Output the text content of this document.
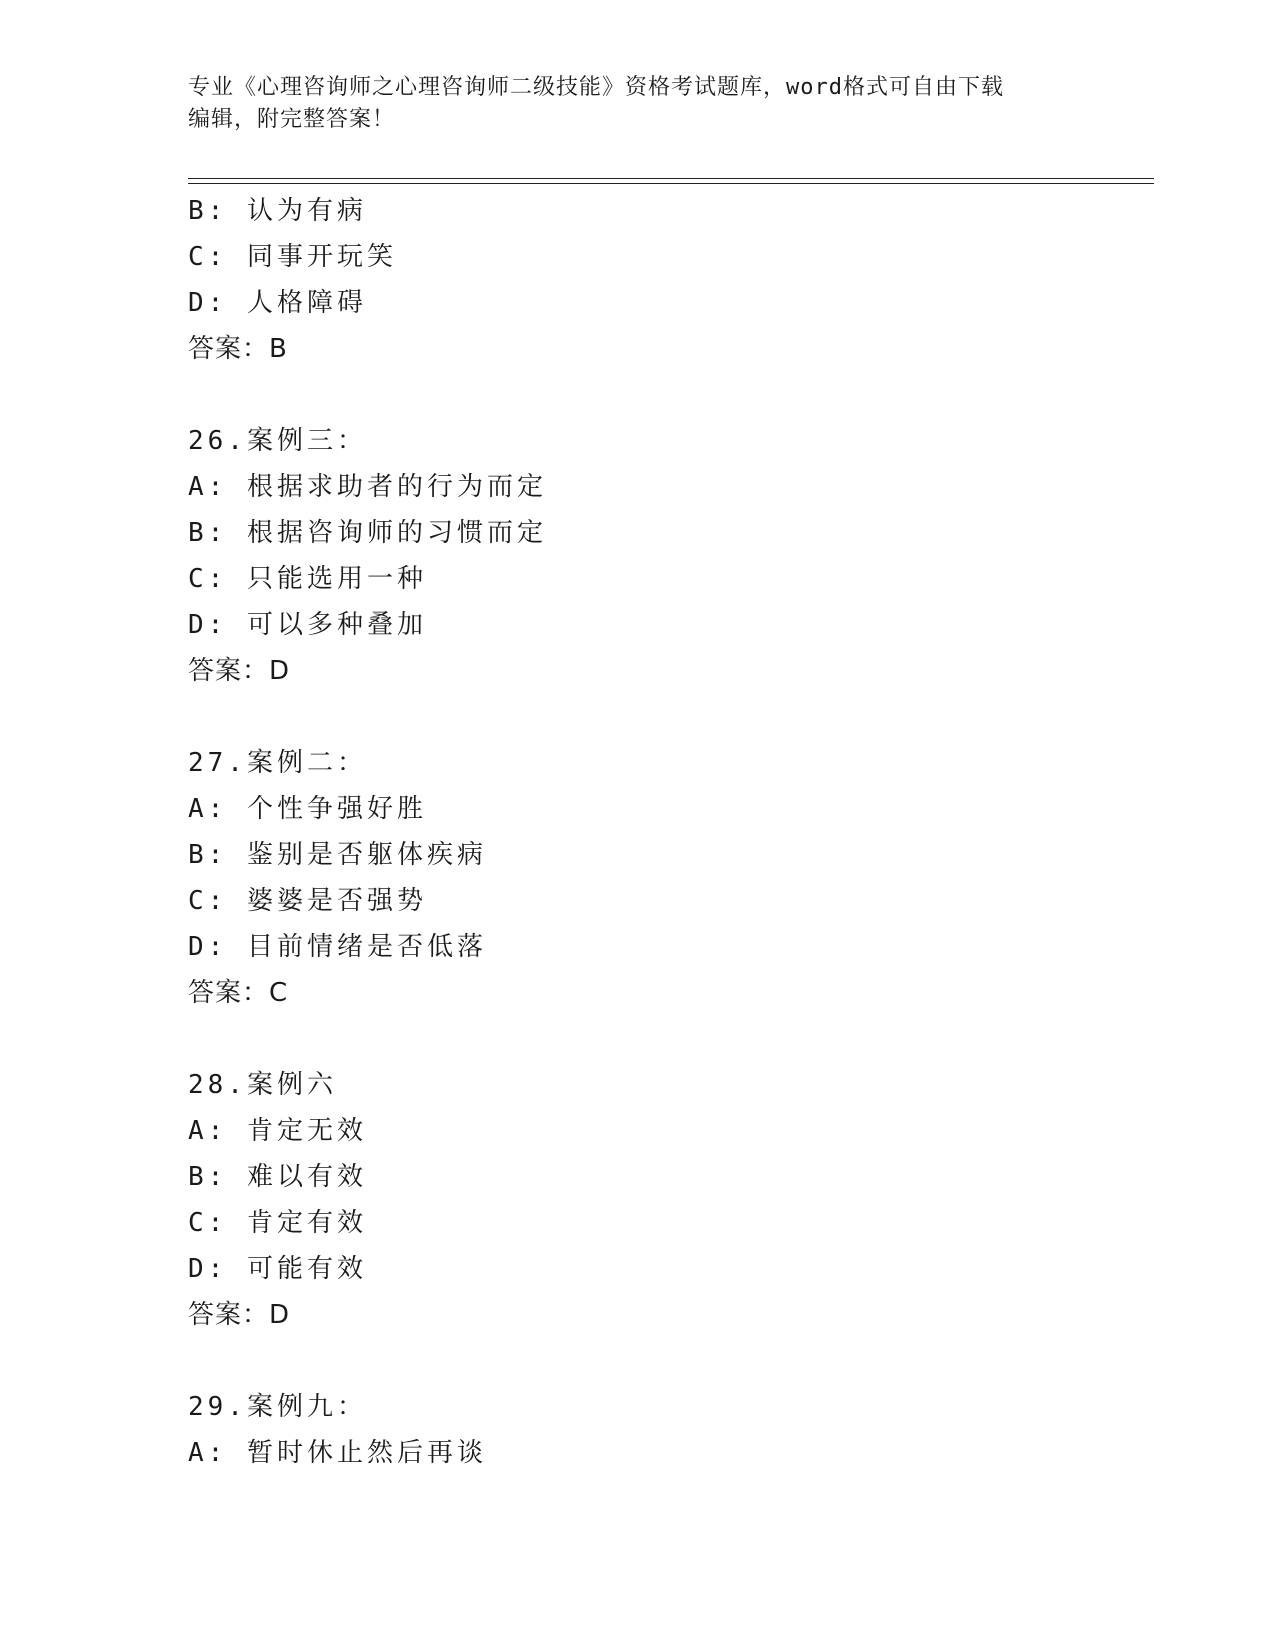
专业《心理咨询师之心理咨询师二级技能》资格考试题库，word格式可自由下载
编辑，附完整答案！
B: 认为有病
C: 同事开玩笑
D: 人格障碍
答案：B
26.案例三：
A: 根据求助者的行为而定
B: 根据咨询师的习惯而定
C: 只能选用一种
D: 可以多种叠加
答案：D
27.案例二：
A: 个性争强好胜
B: 鉴别是否躯体疾病
C: 婆婆是否强势
D: 目前情绪是否低落
答案：C
28.案例六
A: 肯定无效
B: 难以有效
C: 肯定有效
D: 可能有效
答案：D
29.案例九：
A: 暂时休止然后再谈
